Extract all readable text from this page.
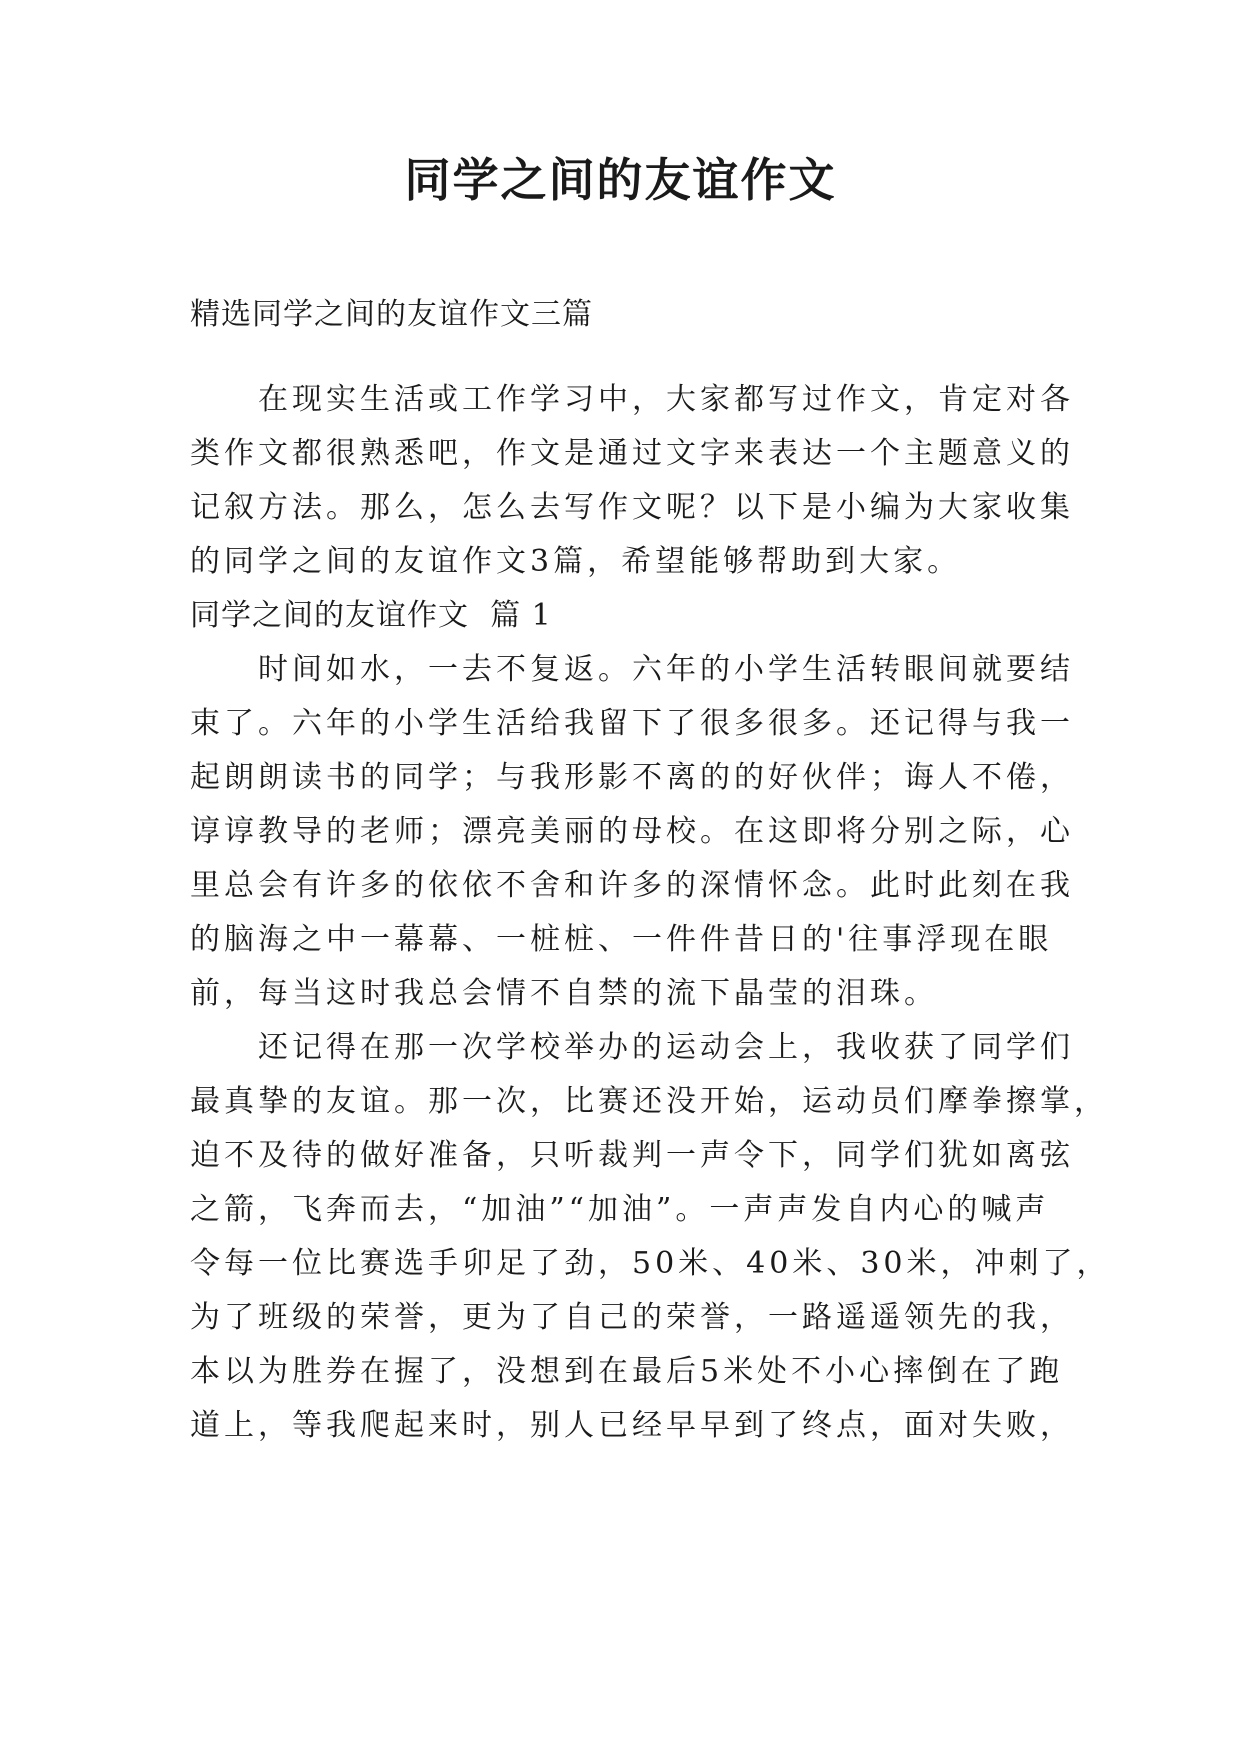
同学之间的友谊作文
精选同学之间的友谊作文三篇
　　在现实生活或工作学习中，大家都写过作文，肯定对各
类作文都很熟悉吧，作文是通过文字来表达一个主题意义的
记叙方法。那么，怎么去写作文呢？以下是小编为大家收集
的同学之间的友谊作文3篇，希望能够帮助到大家。
同学之间的友谊作文  篇 1
　　时间如水，一去不复返。六年的小学生活转眼间就要结
束了。六年的小学生活给我留下了很多很多。还记得与我一
起朗朗读书的同学；与我形影不离的的好伙伴；诲人不倦，
谆谆教导的老师；漂亮美丽的母校。在这即将分别之际，心
里总会有许多的依依不舍和许多的深情怀念。此时此刻在我
的脑海之中一幕幕、一桩桩、一件件昔日的'往事浮现在眼
前，每当这时我总会情不自禁的流下晶莹的泪珠。
　　还记得在那一次学校举办的运动会上，我收获了同学们
最真挚的友谊。那一次，比赛还没开始，运动员们摩拳擦掌，
迫不及待的做好准备，只听裁判一声令下，同学们犹如离弦
之箭，飞奔而去，“加油”“加油”。一声声发自内心的喊声
令每一位比赛选手卯足了劲，50米、40米、30米，冲刺了，
为了班级的荣誉，更为了自己的荣誉，一路遥遥领先的我，
本以为胜券在握了，没想到在最后5米处不小心摔倒在了跑
道上，等我爬起来时，别人已经早早到了终点，面对失败，
